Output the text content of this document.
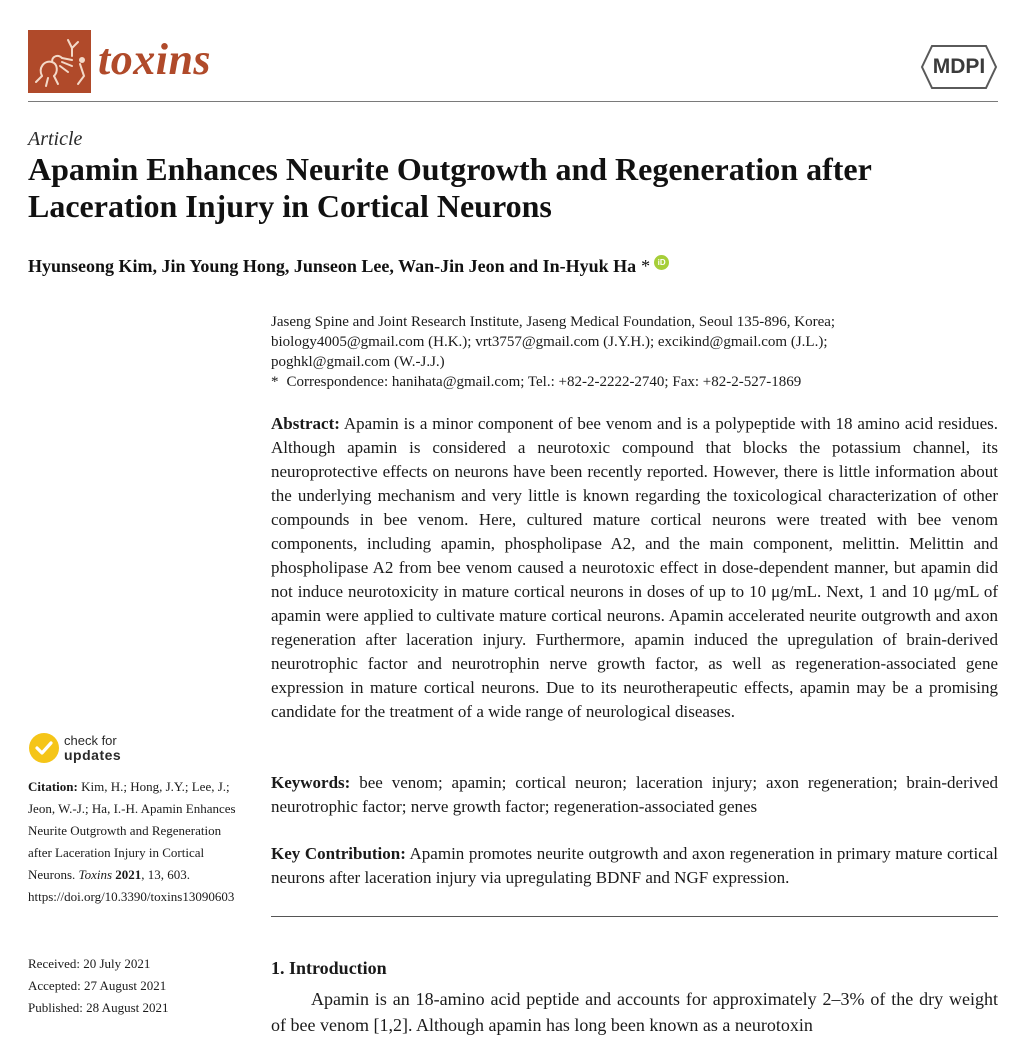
toxins	MDPI
Article
Apamin Enhances Neurite Outgrowth and Regeneration after Laceration Injury in Cortical Neurons
Hyunseong Kim, Jin Young Hong, Junseon Lee, Wan-Jin Jeon and In-Hyuk Ha * iD
Jaseng Spine and Joint Research Institute, Jaseng Medical Foundation, Seoul 135-896, Korea;
biology4005@gmail.com (H.K.); vrt3757@gmail.com (J.Y.H.); excikind@gmail.com (J.L.);
poghkl@gmail.com (W.-J.J.)
* Correspondence: hanihata@gmail.com; Tel.: +82-2-2222-2740; Fax: +82-2-527-1869
Abstract: Apamin is a minor component of bee venom and is a polypeptide with 18 amino acid residues. Although apamin is considered a neurotoxic compound that blocks the potassium channel, its neuroprotective effects on neurons have been recently reported. However, there is little information about the underlying mechanism and very little is known regarding the toxicological characterization of other compounds in bee venom. Here, cultured mature cortical neurons were treated with bee venom components, including apamin, phospholipase A2, and the main component, melittin. Melittin and phospholipase A2 from bee venom caused a neurotoxic effect in dose-dependent manner, but apamin did not induce neurotoxicity in mature cortical neurons in doses of up to 10 μg/mL. Next, 1 and 10 μg/mL of apamin were applied to cultivate mature cortical neurons. Apamin accelerated neurite outgrowth and axon regeneration after laceration injury. Furthermore, apamin induced the upregulation of brain-derived neurotrophic factor and neurotrophin nerve growth factor, as well as regeneration-associated gene expression in mature cortical neurons. Due to its neurotherapeutic effects, apamin may be a promising candidate for the treatment of a wide range of neurological diseases.
Keywords: bee venom; apamin; cortical neuron; laceration injury; axon regeneration; brain-derived neurotrophic factor; nerve growth factor; regeneration-associated genes
Key Contribution: Apamin promotes neurite outgrowth and axon regeneration in primary mature cortical neurons after laceration injury via upregulating BDNF and NGF expression.
1. Introduction
Apamin is an 18-amino acid peptide and accounts for approximately 2–3% of the dry weight of bee venom [1,2]. Although apamin has long been known as a neurotoxin
check for
updates
Citation: Kim, H.; Hong, J.Y.; Lee, J.; Jeon, W.-J.; Ha, I.-H. Apamin Enhances Neurite Outgrowth and Regeneration after Laceration Injury in Cortical Neurons. Toxins 2021, 13, 603. https://doi.org/10.3390/toxins13090603
Received: 20 July 2021
Accepted: 27 August 2021
Published: 28 August 2021
